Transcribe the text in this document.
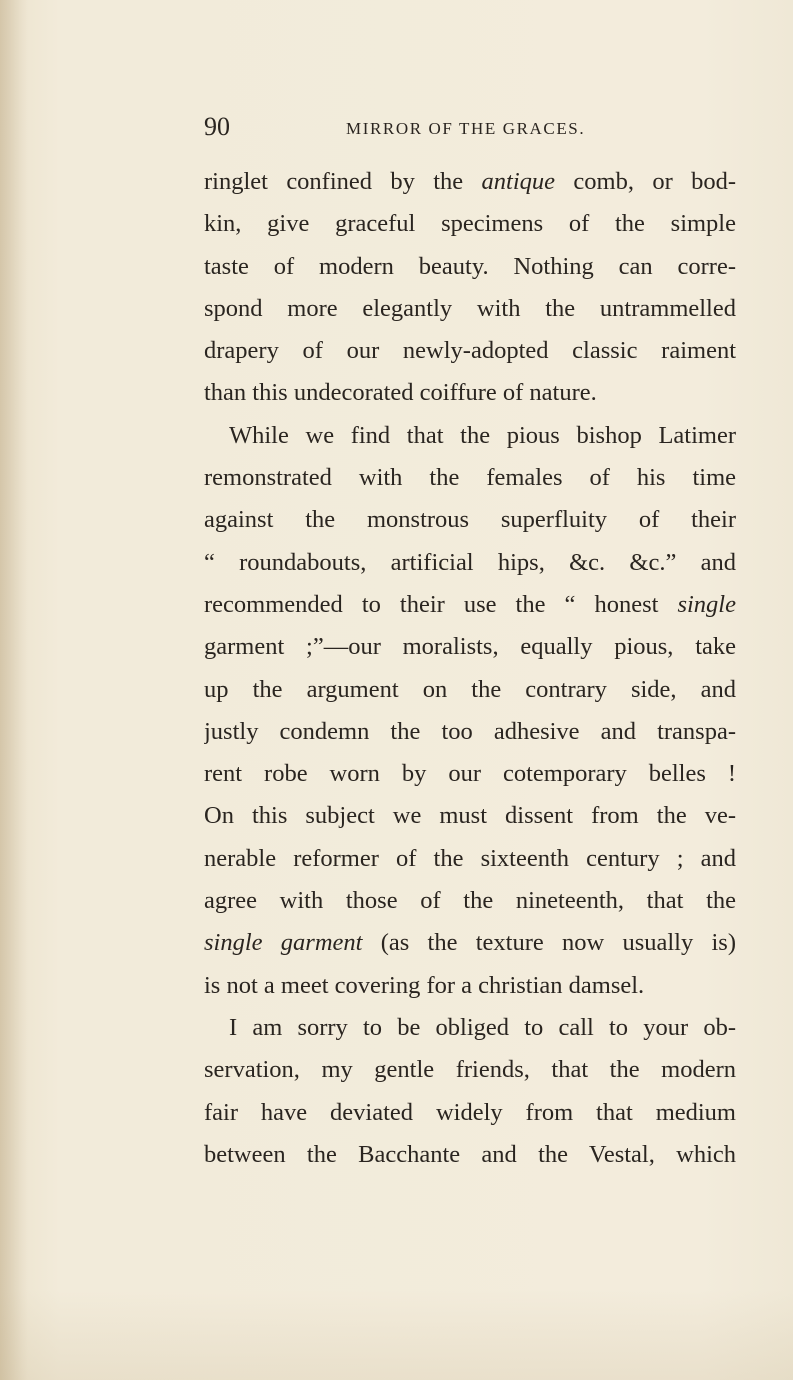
90	MIRROR OF THE GRACES.
ringlet confined by the antique comb, or bod-
kin, give graceful specimens of the simple
taste of modern beauty. Nothing can corre-
spond more elegantly with the untrammelled
drapery of our newly-adopted classic raiment
than this undecorated coiffure of nature.
While we find that the pious bishop Latimer
remonstrated with the females of his time
against the monstrous superfluity of their
“ roundabouts, artificial hips, &c. &c.” and
recommended to their use the “ honest single
garment ;”—our moralists, equally pious, take
up the argument on the contrary side, and
justly condemn the too adhesive and transpa-
rent robe worn by our cotemporary belles !
On this subject we must dissent from the ve-
nerable reformer of the sixteenth century ; and
agree with those of the nineteenth, that the
single garment (as the texture now usually is)
is not a meet covering for a christian damsel.
I am sorry to be obliged to call to your ob-
servation, my gentle friends, that the modern
fair have deviated widely from that medium
between the Bacchante and the Vestal, which
